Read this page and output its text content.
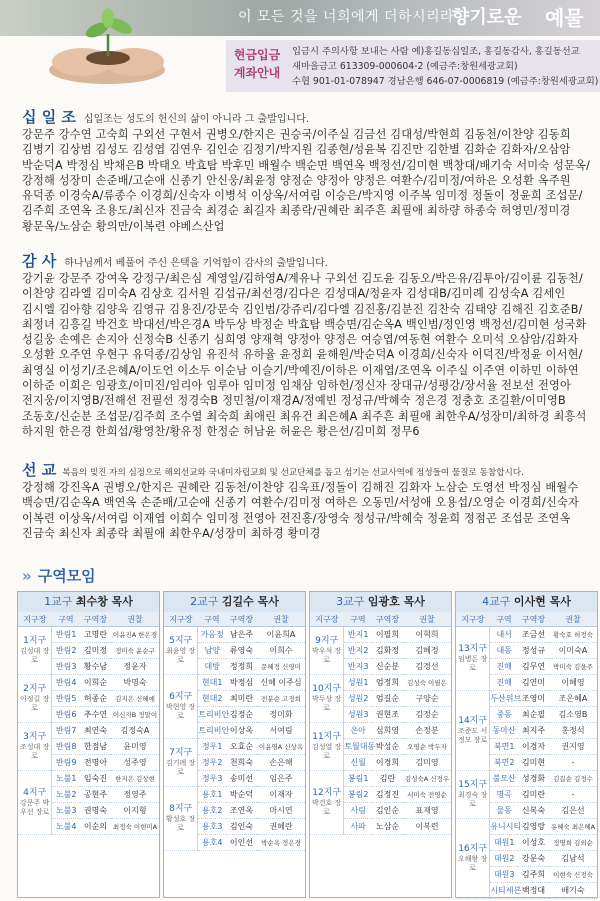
이 모든 것을 너희에게 더하시리라
향기로운 예물
현금입금
계좌안내
입금시 주의사항 보내는 사람 예)홍길동십일조, 홍길동감사, 홍길동선교
새마을금고 613309-000604-2 (예금주:창원세광교회)
수협 901-01-078947 경남은행 646-07-0006819 (예금주:창원세광교회)
십 일 조 십일조는 성도의 헌신의 삶이 아니라 그 출발입니다.
강문주 강수연 고숙희 구외선 구현서 권병오/한지은 권승국/이주실 김금선 김대성/박현희 김동천/이찬양 김동희 김병기 김상범 김성도 김성엽 김연우 김인순 김정기/박지원 김종현/성윤복 김진만 김한별 김화순 김화자/오삼암 박순덕A 박정심 박채은B 박태오 박효탐 박후민 배월수 백순면 백연옥 백정선/김미현 백창대/배기숙 서미숙 성문옥/강정해 성장미 손준배/고순애 신종기 안신웅/최윤정 양정순 양정아 양정은 여환수/김미정/여하은 오성환 옥주원 유덕종 이경숙A/류종수 이경희/신숙자 이병석 이상옥/서여림 이승은/박지영 이주복 임미정 정돌이 정윤희 조섭문/김주희 조연옥 조용도/최신자 진금숙 최경순 최길자 최종락/권혜란 최주흔 최필애 최하량 하종숙 허영민/정미경 황문옥/노삼순 황의만/이복련 야베스산업
감 사 하나님께서 베풀어 주신 은택을 기억함이 감사의 출발입니다.
강기윤 강문주 강여옥 강정구/최은심 계영일/김하영A/계유나 구외선 김도윤 김동오/박은유/김투아/김이륜 김동천/이찬양 김라엘 김미숙A 김상호 김서원 김섭규/최선경/김다은 김성대A/정윤자 김성대B/김미례 김성숙A 김세인 김시엘 김아향 김양욱 김영규 김용진/강문숙 김인범/강쥬리/김다엘 김진홍/김분진 김찬숙 김태양 김해진 김호준B/최정녀 김흥길 박건호 박대선/박은경A 박두상 박정순 박효탐 백승면/김순옥A 백인범/정인영 백정선/김미현 성국화 성길웅 손예은 손지아 신정숙B 신종기 심희영 양재혁 양정아 양정은 여승엽/여동현 여환수 오미석 오삼암/김화자 오성환 오주연 우현구 유덕종/김상임 유진석 유하율 윤정희 윤해원/박순덕A 이경희/신숙자 이덕진/박정윤 이서현/최영실 이성기/조은혜A/이도언 이소두 이순남 이슬기/박예진/이하은 이재엽/조연옥 이주실 이주연 이하민 이하연 이하준 이희은 임광호/이미진/임리아 임루아 임미정 임채삼 임하헌/정신자 장대규/성평강/장서율 전보선 전영아 전지웅/이지영B/전해선 전필선 정경숙B 정민철/이재경A/정예빈 정성규/박혜숙 정은경 정충호 조길환/이미영B 조동호/신순분 조섭문/김주희 조수열 최숙희 최애린 최유건 최은혜A 최주흔 최필애 최한우A/성장미/최하경 최흥석 하지원 한은경 한희섭/황영찬/황유정 한정순 허남윤 허윤은 황은선/김미희 정무6
선 교 복음의 빚진 자의 심정으로 해외선교와 국내미자립교회 및 선교단체를 돕고 섬기는 선교사역에 정성들여 물질로 동참합시다.
강정해 강진옥A 권병오/한지은 권혜란 김동천/이찬양 김욱표/정돌이 김해진 김화자 노삼순 도영선 박정심 배월수 백승면/김순옥A 백연옥 손준배/고순애 신종기 여환수/김미정 여하은 오동민/서성애 오용섭/오영순 이경희/신숙자 이복련 이상옥/서여림 이재엽 이희수 임미정 전영아 전진홍/장영숙 정성규/박혜숙 정윤희 정점곤 조섭문 조연옥 진금숙 최신자 최종락 최필애 최한우A/성장미 최하경 황미경
» 구역모임
1교구 최수창 목사
지구장	구역	구역장	권찰

1지구
김성대 장로	반림1	고명란	이윤진A 한은경
	반림2	김미정	정미숙 윤순구
	반림3	황수남	정윤자

2지구
이정길 장로	반림4	이희순	박명숙
	반림5	허종순	김지은 신혜애
	반림6	추수연	이신자B 정말이

3지구
조성대 장로	반림7	최연숙	김정숙A
	반림8	한점남	윤미영
	반림9	전명아	성주영

4지구
강문주 박우선 장로	노불1	임숙진	한지은 김상현
	노불2	공현주	정영주
	노불3	권명숙	이지형
	노불4	이순의	최정숙 이현미A
2교구 김길수 목사
지구장	구역	구역장	권찰

5지구
최윤영 장로	가음정	남은주	이윤희A
	남양	류영숙	이희수
	대방	정정희	문혜정 신영미

6지구
박현영 장로	현대1	박정심	신혜 이주심
	현대2	최미란	전분순 고정희
	트리비안	김정순	정미화
	트리비안	이상옥	서여림

7지구
김기례 장로	정우1	오효순	이윤영A 신상옥
	정우2	천희숙	손은해
	정우3	송미선	임은주

8지구
황성호 장로	용호1	박순덕	이재자
	용호2	조연옥	마시연
	용호3	김인숙	권혜란
	용호4	이인선	박순옥 정은경
3교구 임광호 목사
지구장	구역	구역장	권찰

9지구
박우석 장로	반지1	이필희	이혁희
	반지2	김화정	김혜정
	반지3	신순분	김경선

10지구
박두상 장로	성원1	엄정희	김성숙 이필은
	성원2	엄길순	구양순
	성원3	권현조	김정순

11지구
김성열 장로	은아	심희영	손정분
	토월대동	박성순	오영순 박두자
	신월	이경희	김미영

12지구
박건호 장로	봉림1	김란	김성숙A 신정우
	봉림2	김정진	서미숙 전영순
	사림	김인순	표재영
	사파	노삼순	이복련
4교구 이사현 목사
지구장	구역	구역장	권찰

13지구
임병돈 장로	내서	조금선	황숙호 허정숙
	내동	정성규	이미숙A
	진해	김무연	박미숙 김을주
	진해	김연미	이혜영

14지구
조준도 서정모 장로	두산위브	조영미	조은혜A
	중동	최순필	김소영B
	동마산	최지주	홍정석
	북면1	이경자	권지영
	북면2	김미현	-

15지구
최경숙 장로	불모산	성경화	김길순 김정수
	명곡	김미란	-
	물동	신복숙	김은선

16지구
오해왕 장로	유니시티	김영랑	유혜숙 최은혜A
	대원1	이성호	정명희 김외순
	대원2	강문숙	김남석
	대원3	김주희	이현숙 신정숙
	시티세븐	백정대	배기숙
